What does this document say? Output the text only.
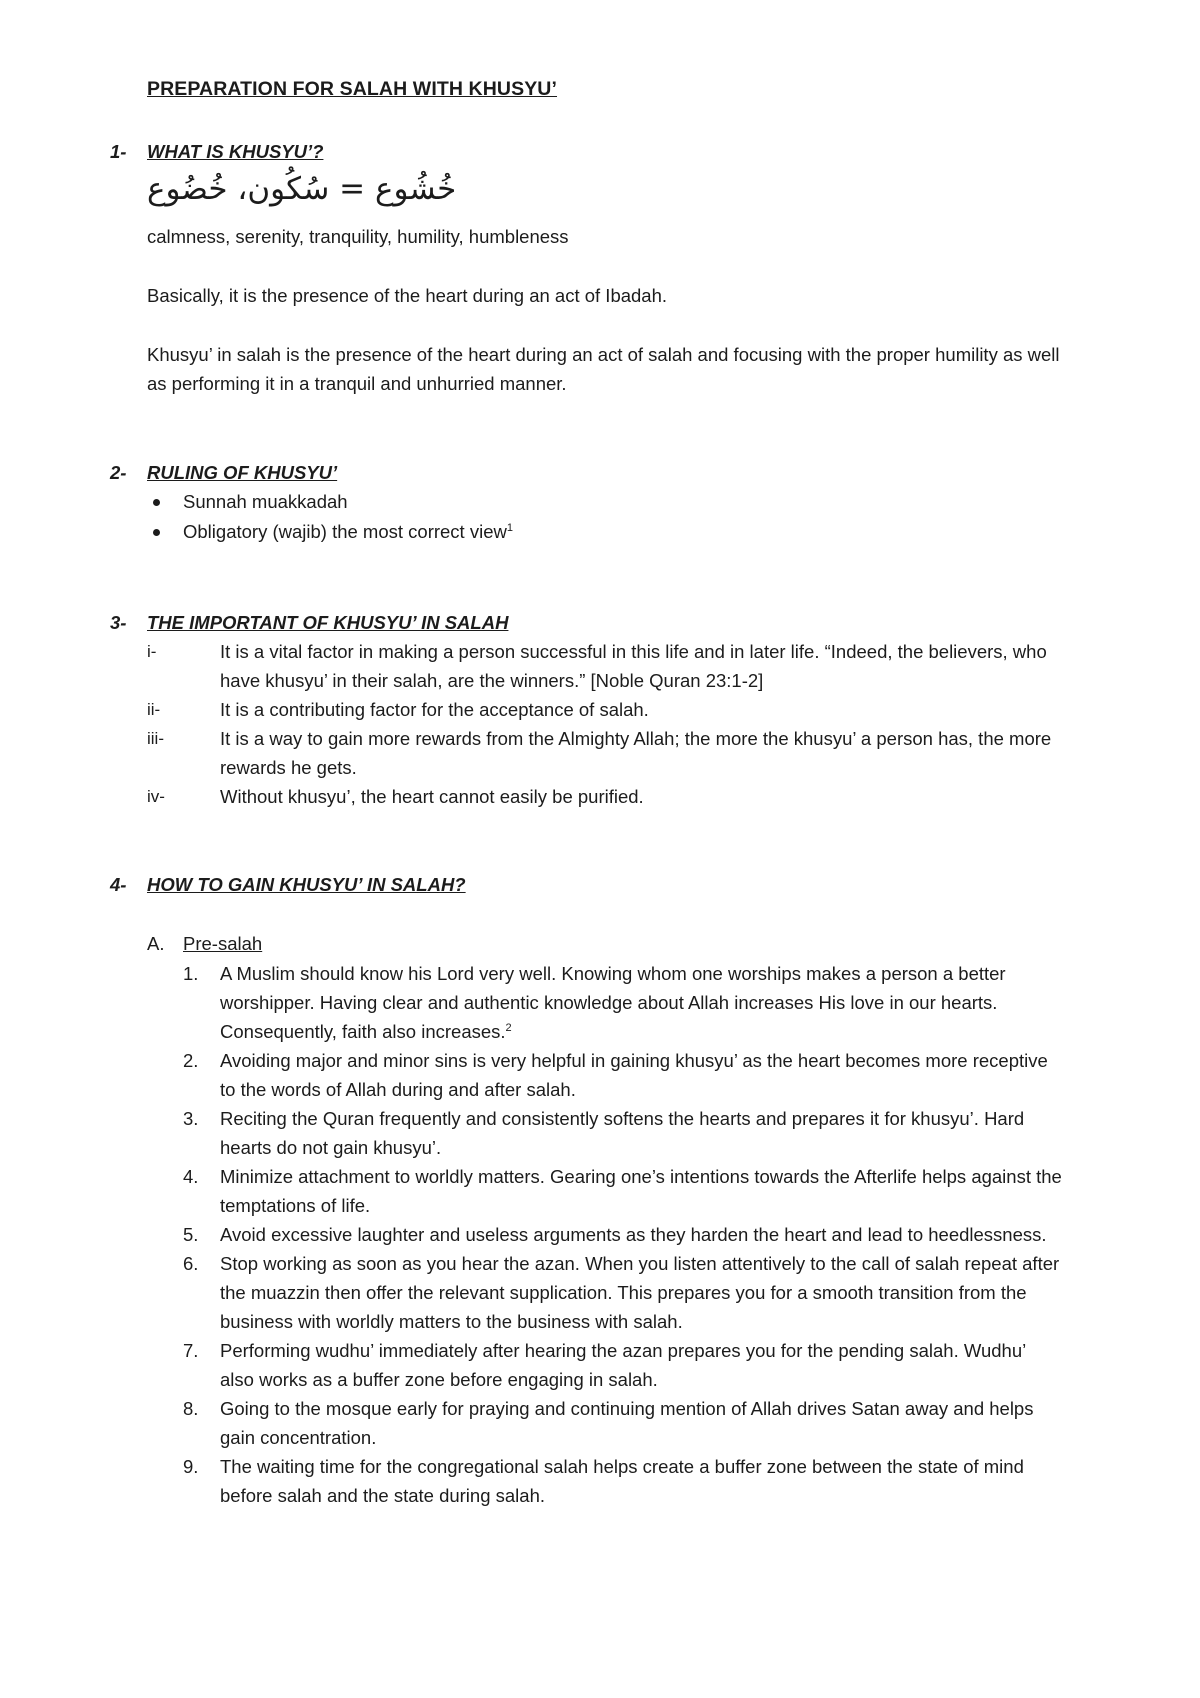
PREPARATION FOR SALAH WITH KHUSYU’
1- WHAT IS KHUSYU’?

خُشُوع = سُكُون، خُضُوع

calmness, serenity, tranquility, humility, humbleness

Basically, it is the presence of the heart during an act of Ibadah.

Khusyu’ in salah is the presence of the heart during an act of salah and focusing with the proper humility as well as performing it in a tranquil and unhurried manner.

2- RULING OF KHUSYU’
Sunnah muakkadah
Obligatory (wajib) the most correct view$^1$
3- THE IMPORTANT OF KHUSYU’ IN SALAH
i-	It is a vital factor in making a person successful in this life and in later life. “Indeed, the believers, who have khusyu’ in their salah, are the winners.” [Noble Quran 23:1-2]
ii-	It is a contributing factor for the acceptance of salah.
iii-	It is a way to gain more rewards from the Almighty Allah; the more the khusyu’ a person has, the more rewards he gets.
iv-	Without khusyu’, the heart cannot easily be purified.
4- HOW TO GAIN KHUSYU’ IN SALAH?

A. Pre-salah

1. A Muslim should know his Lord very well. Knowing whom one worships makes a person a better worshipper. Having clear and authentic knowledge about Allah increases His love in our hearts. Consequently, faith also increases.$^2$
2. Avoiding major and minor sins is very helpful in gaining khusyu’ as the heart becomes more receptive to the words of Allah during and after salah.
3. Reciting the Quran frequently and consistently softens the hearts and prepares it for khusyu’. Hard hearts do not gain khusyu’.
4. Minimize attachment to worldly matters. Gearing one’s intentions towards the Afterlife helps against the temptations of life.
5. Avoid excessive laughter and useless arguments as they harden the heart and lead to heedlessness.
6. Stop working as soon as you hear the azan. When you listen attentively to the call of salah repeat after the muazzin then offer the relevant supplication. This prepares you for a smooth transition from the business with worldly matters to the business with salah.
7. Performing wudhu’ immediately after hearing the azan prepares you for the pending salah. Wudhu’ also works as a buffer zone before engaging in salah.
8. Going to the mosque early for praying and continuing mention of Allah drives Satan away and helps gain concentration.
9. The waiting time for the congregational salah helps create a buffer zone between the state of mind before salah and the state during salah.
